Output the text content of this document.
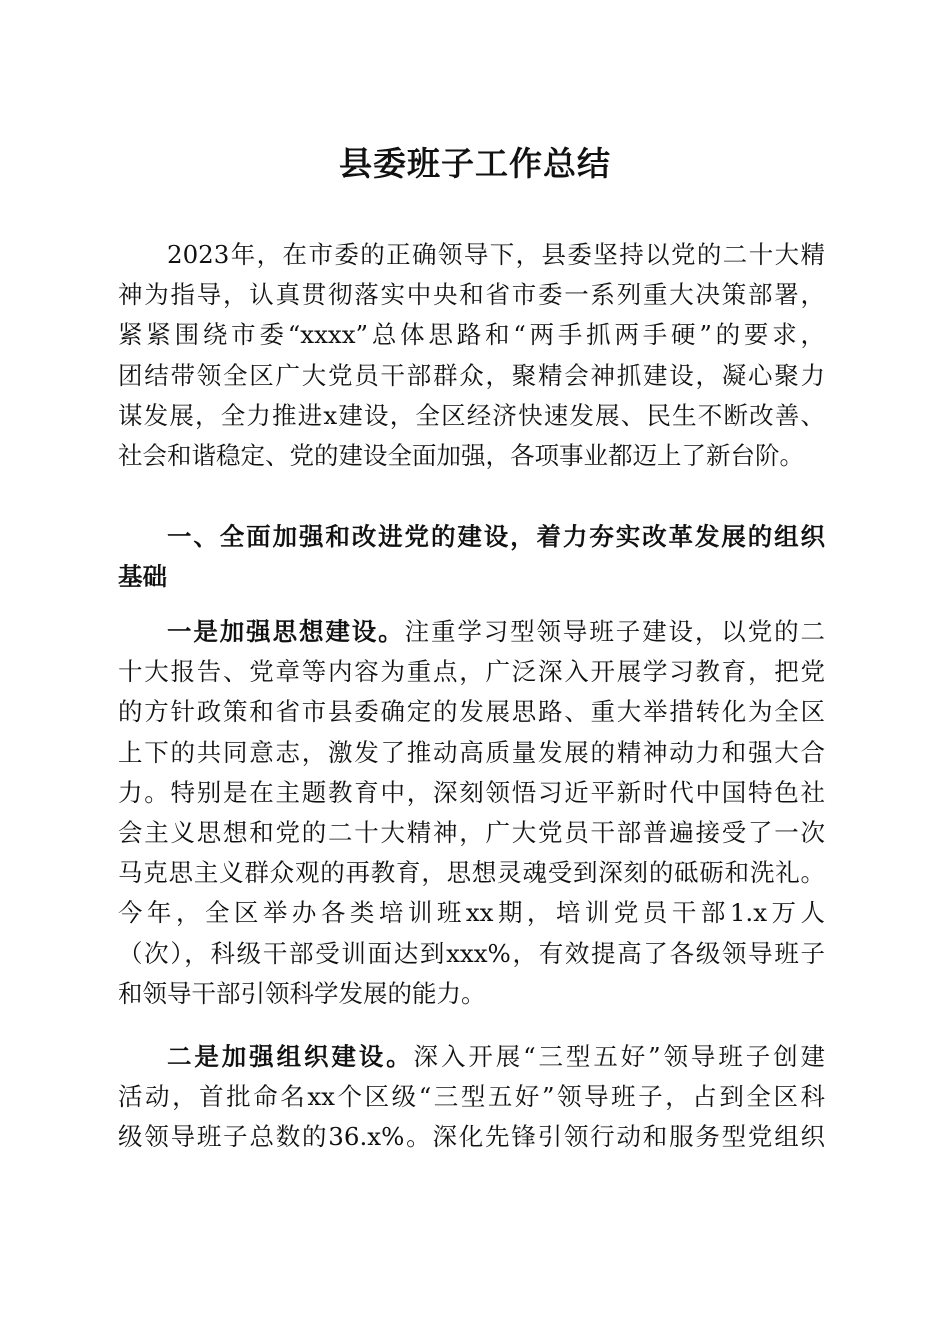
县委班子工作总结
2023年，在市委的正确领导下，县委坚持以党的二十大精
神为指导，认真贯彻落实中央和省市委一系列重大决策部署，
紧紧围绕市委“xxxx”总体思路和“两手抓两手硬”的要求，
团结带领全区广大党员干部群众，聚精会神抓建设，凝心聚力
谋发展，全力推进x建设，全区经济快速发展、民生不断改善、
社会和谐稳定、党的建设全面加强，各项事业都迈上了新台阶。
一、全面加强和改进党的建设，着力夯实改革发展的组织
基础
一是加强思想建设。注重学习型领导班子建设，以党的二
十大报告、党章等内容为重点，广泛深入开展学习教育，把党
的方针政策和省市县委确定的发展思路、重大举措转化为全区
上下的共同意志，激发了推动高质量发展的精神动力和强大合
力。特别是在主题教育中，深刻领悟习近平新时代中国特色社
会主义思想和党的二十大精神，广大党员干部普遍接受了一次
马克思主义群众观的再教育，思想灵魂受到深刻的砥砺和洗礼。
今年，全区举办各类培训班xx期，培训党员干部1.x万人
（次），科级干部受训面达到xxx%，有效提高了各级领导班子
和领导干部引领科学发展的能力。
二是加强组织建设。深入开展“三型五好”领导班子创建
活动，首批命名xx个区级“三型五好”领导班子，占到全区科
级领导班子总数的36.x%。深化先锋引领行动和服务型党组织
